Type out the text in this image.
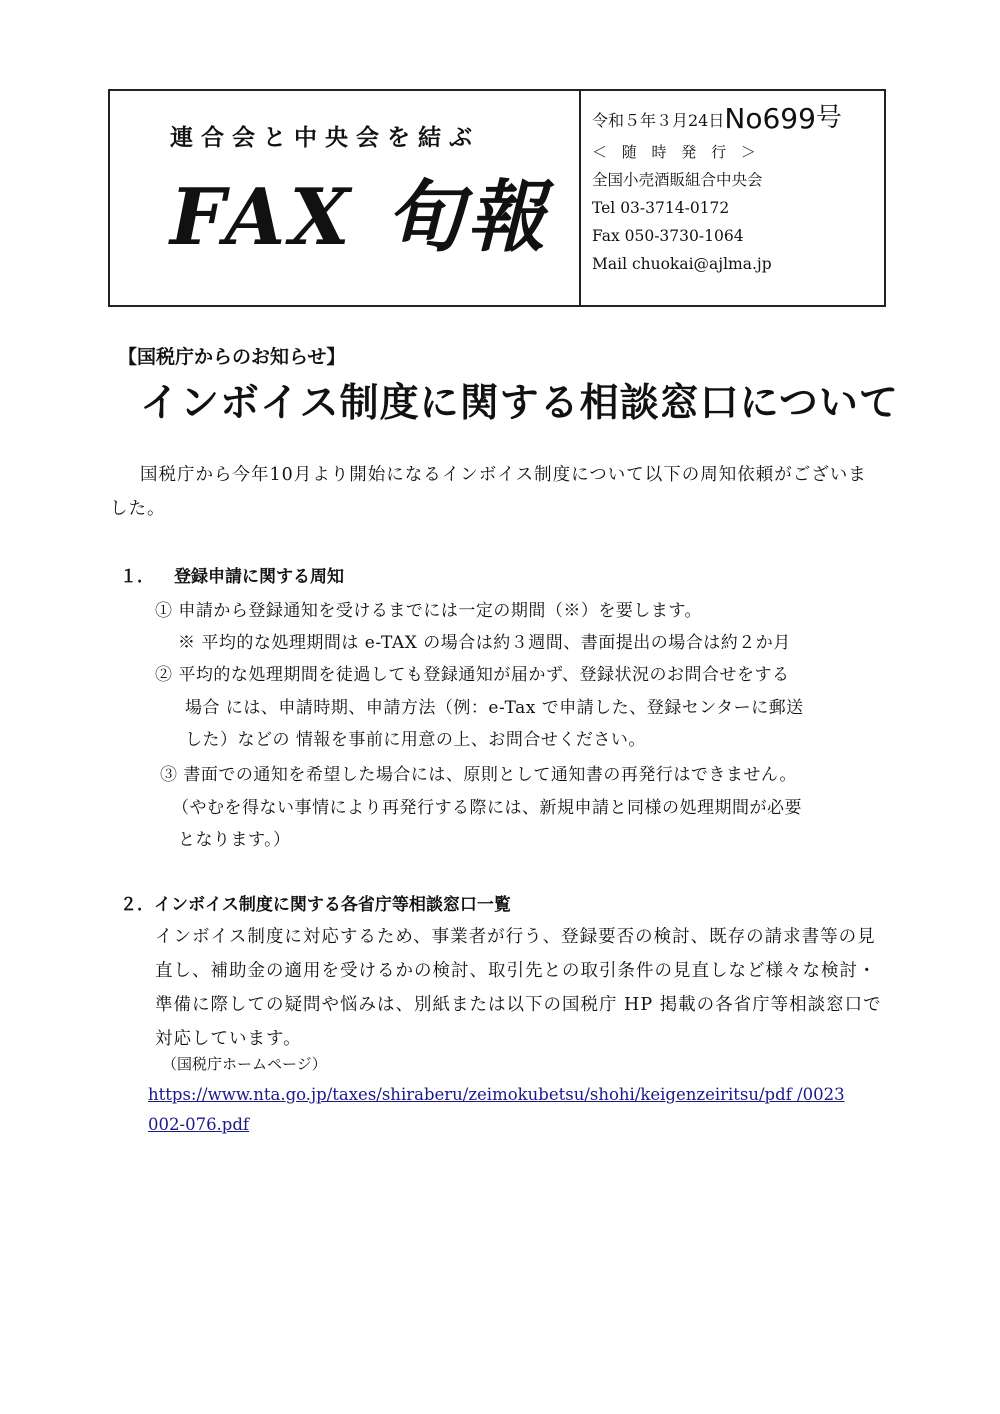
連合会と中央会を結ぶ
FAX 旬報
令和５年３月24日No699号
＜ 随 時 発 行 ＞
全国小売酒販組合中央会
Tel 03-3714-0172
Fax 050-3730-1064
Mail chuokai@ajlma.jp
【国税庁からのお知らせ】
インボイス制度に関する相談窓口について
国税庁から今年10月より開始になるインボイス制度について以下の周知依頼がございました。
１． 登録申請に関する周知
① 申請から登録通知を受けるまでには一定の期間（※）を要します。
※ 平均的な処理期間は e-TAX の場合は約３週間、書面提出の場合は約２か月
② 平均的な処理期間を徒過しても登録通知が届かず、登録状況のお問合せをする
場合 には、申請時期、申請方法（例：e-Tax で申請した、登録センターに郵送
した）などの 情報を事前に用意の上、お問合せください。
③ 書面での通知を希望した場合には、原則として通知書の再発行はできません。
（やむを得ない事情により再発行する際には、新規申請と同様の処理期間が必要
となります。）
２．インボイス制度に関する各省庁等相談窓口一覧
インボイス制度に対応するため、事業者が行う、登録要否の検討、既存の請求書等の見直し、補助金の適用を受けるかの検討、取引先との取引条件の見直しなど様々な検討・準備に際しての疑問や悩みは、別紙または以下の国税庁 HP 掲載の各省庁等相談窓口で対応しています。
（国税庁ホームページ）
https://www.nta.go.jp/taxes/shiraberu/zeimokubetsu/shohi/keigenzeiritsu/pdf /0023002-076.pdf
